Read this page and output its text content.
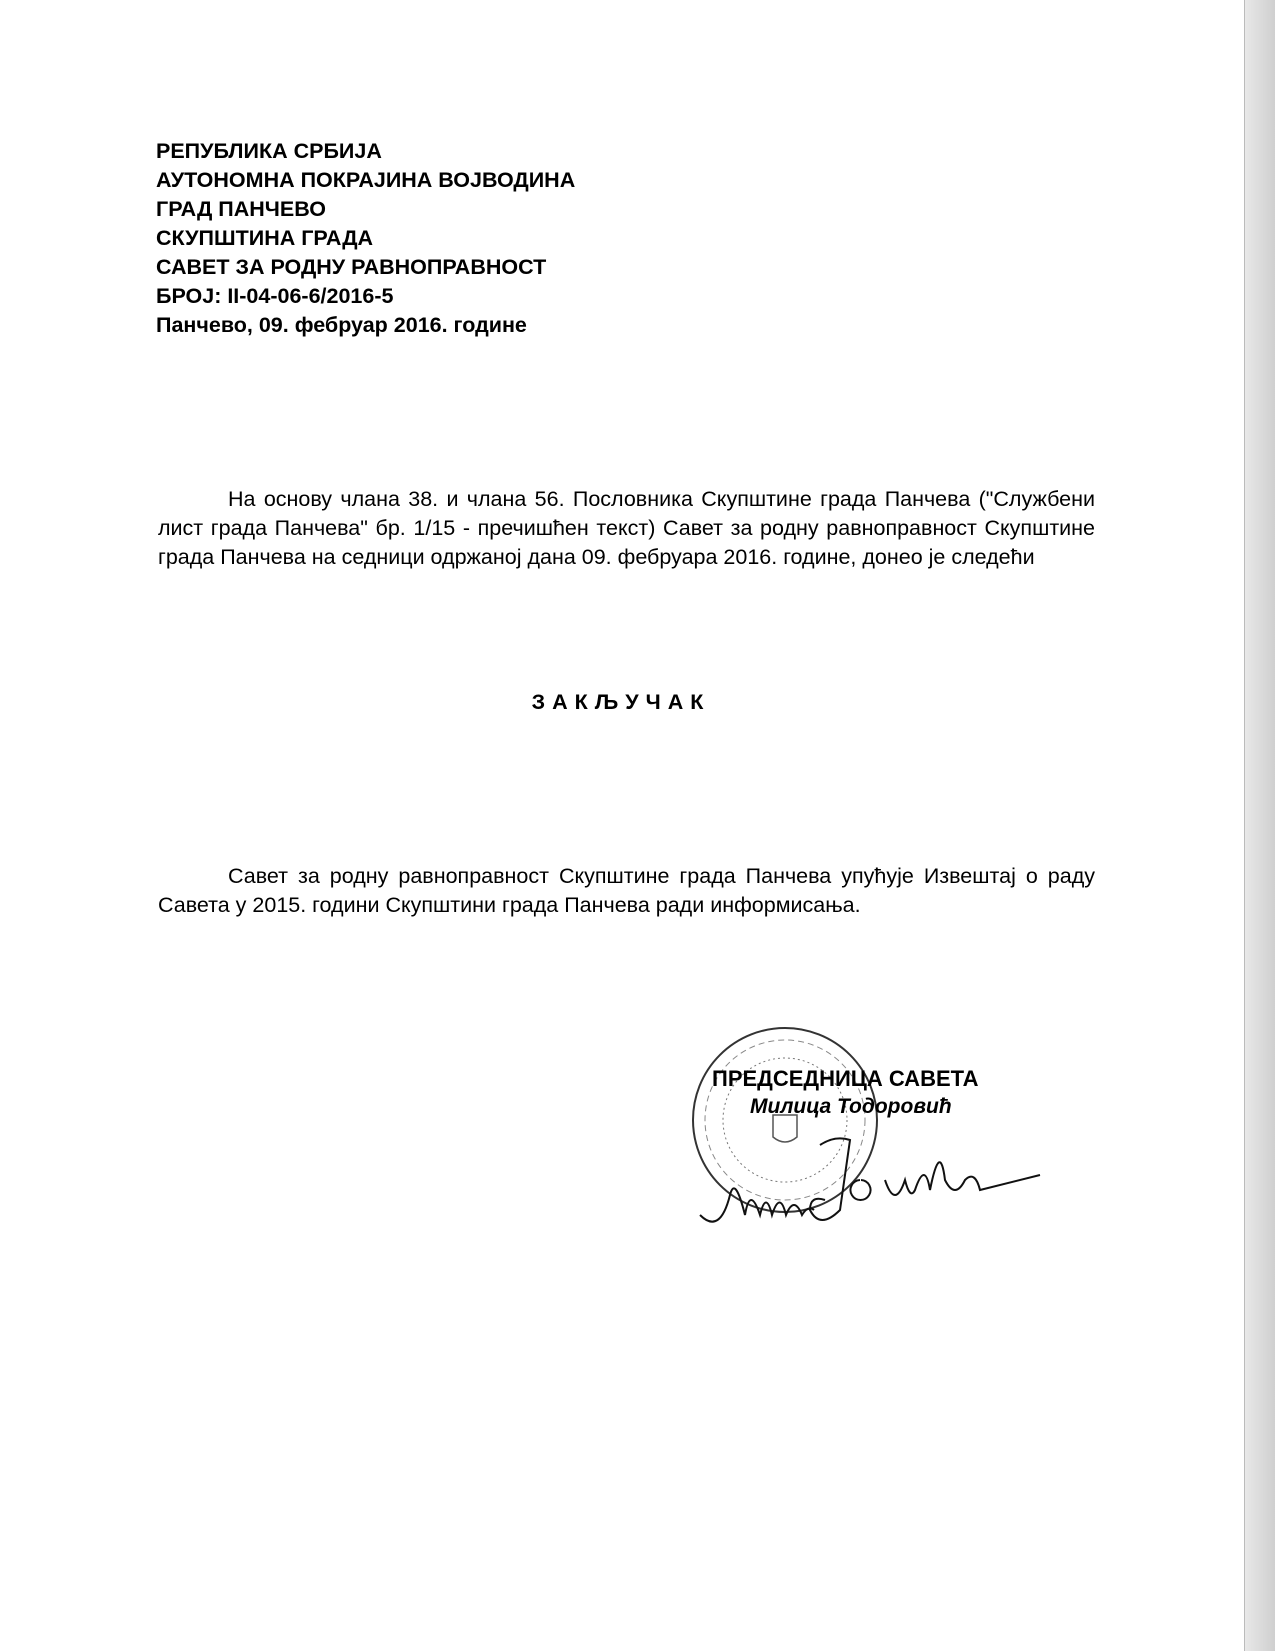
РЕПУБЛИКА СРБИЈА
АУТОНОМНА ПОКРАЈИНА ВОЈВОДИНА
ГРАД ПАНЧЕВО
СКУПШТИНА ГРАДА
САВЕТ ЗА РОДНУ РАВНОПРАВНОСТ
БРОЈ: II-04-06-6/2016-5
Панчево, 09. фебруар 2016. године
На основу члана 38. и члана 56. Пословника Скупштине града Панчева ("Службени лист града Панчева" бр. 1/15 - пречишћен текст) Савет за родну равноправност Скупштине града Панчева на седници одржаној дана 09. фебруара 2016. године, донео је следећи
ЗАКЉУЧАК
Савет за родну равноправност Скупштине града Панчева упућује Извештај о раду Савета у 2015. години Скупштини града Панчева ради информисања.
ПРЕДСЕДНИЦА САВЕТА
Милица Тодоровић
